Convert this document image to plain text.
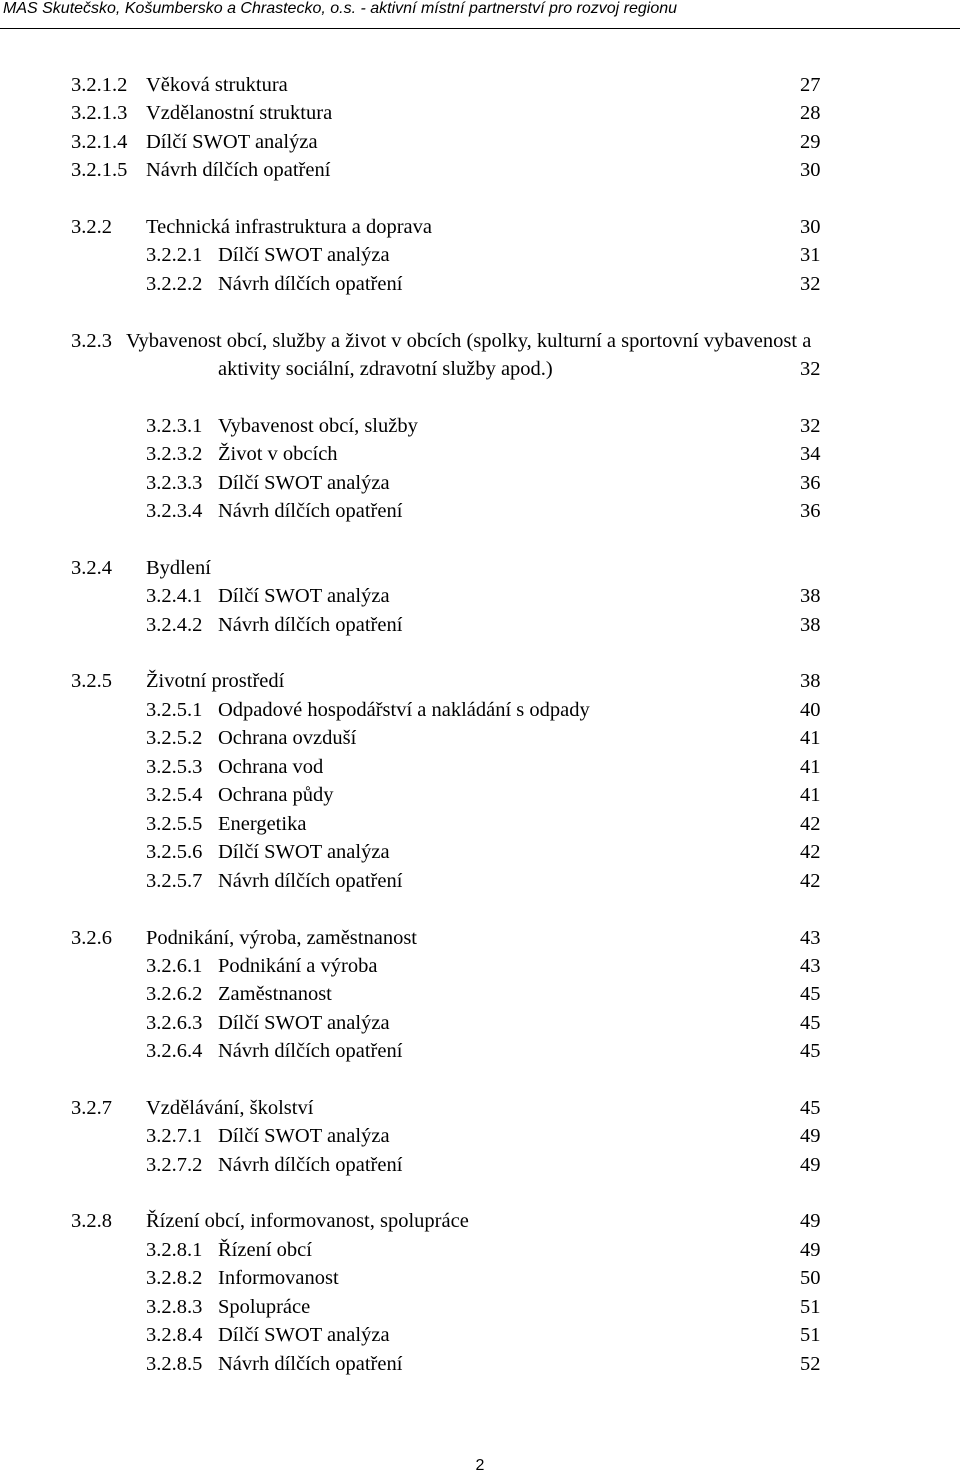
MAS Skutečsko, Košumbersko a Chrastecko, o.s. - aktivní místní partnerství pro rozvoj regionu
3.2.1.2 Věková struktura	27
3.2.1.3 Vzdělanostní struktura	28
3.2.1.4 Dílčí SWOT analýza	29
3.2.1.5 Návrh dílčích opatření	30
3.2.2 Technická infrastruktura a doprava	30
3.2.2.1 Dílčí SWOT analýza	31
3.2.2.2 Návrh dílčích opatření	32
3.2.3 Vybavenost obcí, služby a život v obcích (spolky, kulturní a sportovní vybavenost a
aktivity sociální, zdravotní služby apod.)	32
3.2.3.1 Vybavenost obcí, služby	32
3.2.3.2 Život v obcích	34
3.2.3.3 Dílčí SWOT analýza	36
3.2.3.4 Návrh dílčích opatření	36
3.2.4 Bydlení
3.2.4.1 Dílčí SWOT analýza	38
3.2.4.2 Návrh dílčích opatření	38
3.2.5 Životní prostředí	38
3.2.5.1 Odpadové hospodářství a nakládání s odpady	40
3.2.5.2 Ochrana ovzduší	41
3.2.5.3 Ochrana vod	41
3.2.5.4 Ochrana půdy	41
3.2.5.5 Energetika	42
3.2.5.6 Dílčí SWOT analýza	42
3.2.5.7 Návrh dílčích opatření	42
3.2.6 Podnikání, výroba, zaměstnanost	43
3.2.6.1 Podnikání a výroba	43
3.2.6.2 Zaměstnanost	45
3.2.6.3 Dílčí SWOT analýza	45
3.2.6.4 Návrh dílčích opatření	45
3.2.7 Vzdělávání, školství	45
3.2.7.1 Dílčí SWOT analýza	49
3.2.7.2 Návrh dílčích opatření	49
3.2.8 Řízení obcí, informovanost, spolupráce	49
3.2.8.1 Řízení obcí	49
3.2.8.2 Informovanost	50
3.2.8.3 Spolupráce	51
3.2.8.4 Dílčí SWOT analýza	51
3.2.8.5 Návrh dílčích opatření	52
2
